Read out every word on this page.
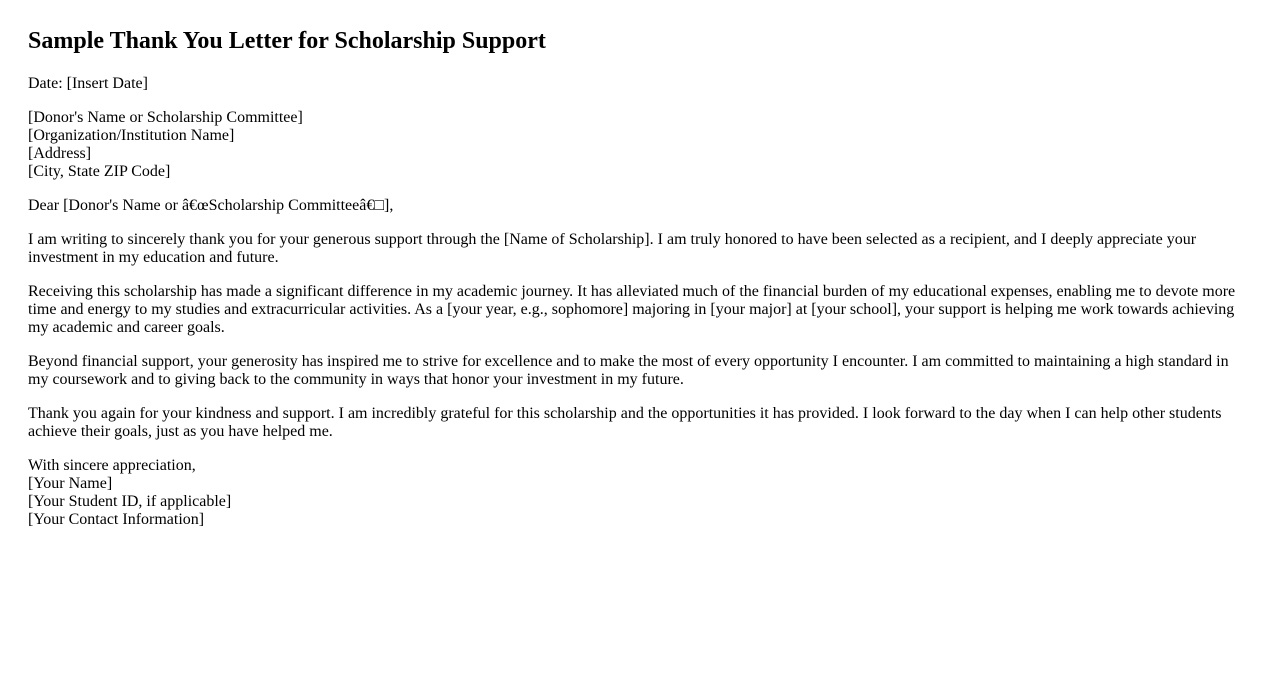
Sample Thank You Letter for Scholarship Support

Date: [Insert Date]

[Donor's Name or Scholarship Committee]
[Organization/Institution Name]
[Address]
[City, State ZIP Code]

Dear [Donor's Name or â€œScholarship Committeeâ€□],

I am writing to sincerely thank you for your generous support through the [Name of Scholarship]. I am truly honored to have been selected as a recipient, and I deeply appreciate your investment in my education and future.

Receiving this scholarship has made a significant difference in my academic journey. It has alleviated much of the financial burden of my educational expenses, enabling me to devote more time and energy to my studies and extracurricular activities. As a [your year, e.g., sophomore] majoring in [your major] at [your school], your support is helping me work towards achieving my academic and career goals.

Beyond financial support, your generosity has inspired me to strive for excellence and to make the most of every opportunity I encounter. I am committed to maintaining a high standard in my coursework and to giving back to the community in ways that honor your investment in my future.

Thank you again for your kindness and support. I am incredibly grateful for this scholarship and the opportunities it has provided. I look forward to the day when I can help other students achieve their goals, just as you have helped me.

With sincere appreciation,
[Your Name]
[Your Student ID, if applicable]
[Your Contact Information]
